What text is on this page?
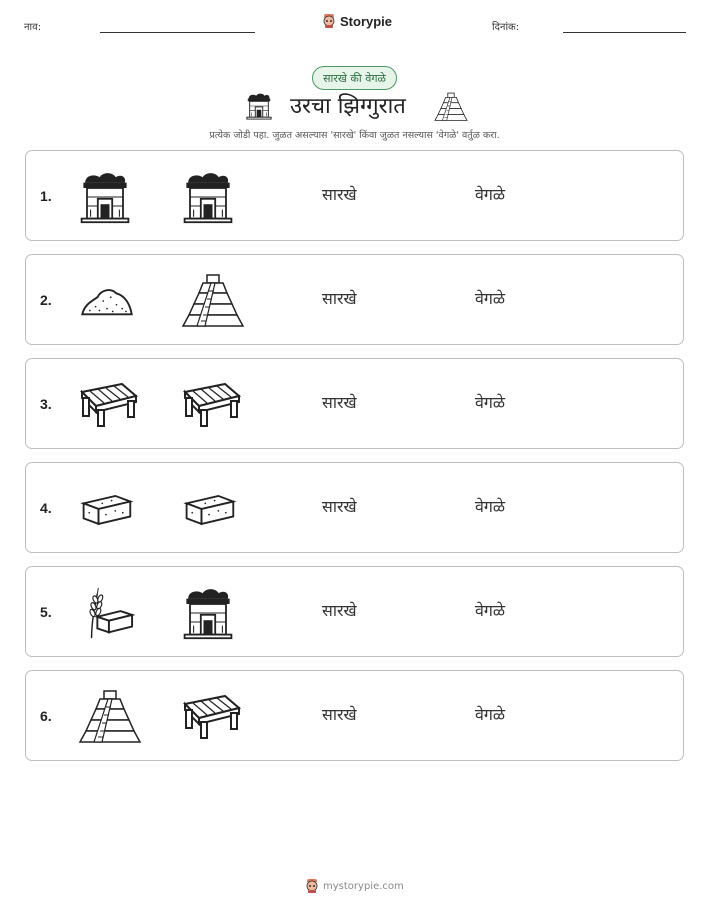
नाव:	Storypie	दिनांक:
सारखे की वेगळे
उरचा झिग्गुरात
प्रत्येक जोडी पहा. जुळत असल्यास 'सारखे' किंवा जुळत नसल्यास 'वेगळे' वर्तुळ करा.
1.	सारखे	वेगळे
2.	सारखे	वेगळे
3.	सारखे	वेगळे
4.	सारखे	वेगळे
5.	सारखे	वेगळे
6.	सारखे	वेगळे
mystorypie.com
